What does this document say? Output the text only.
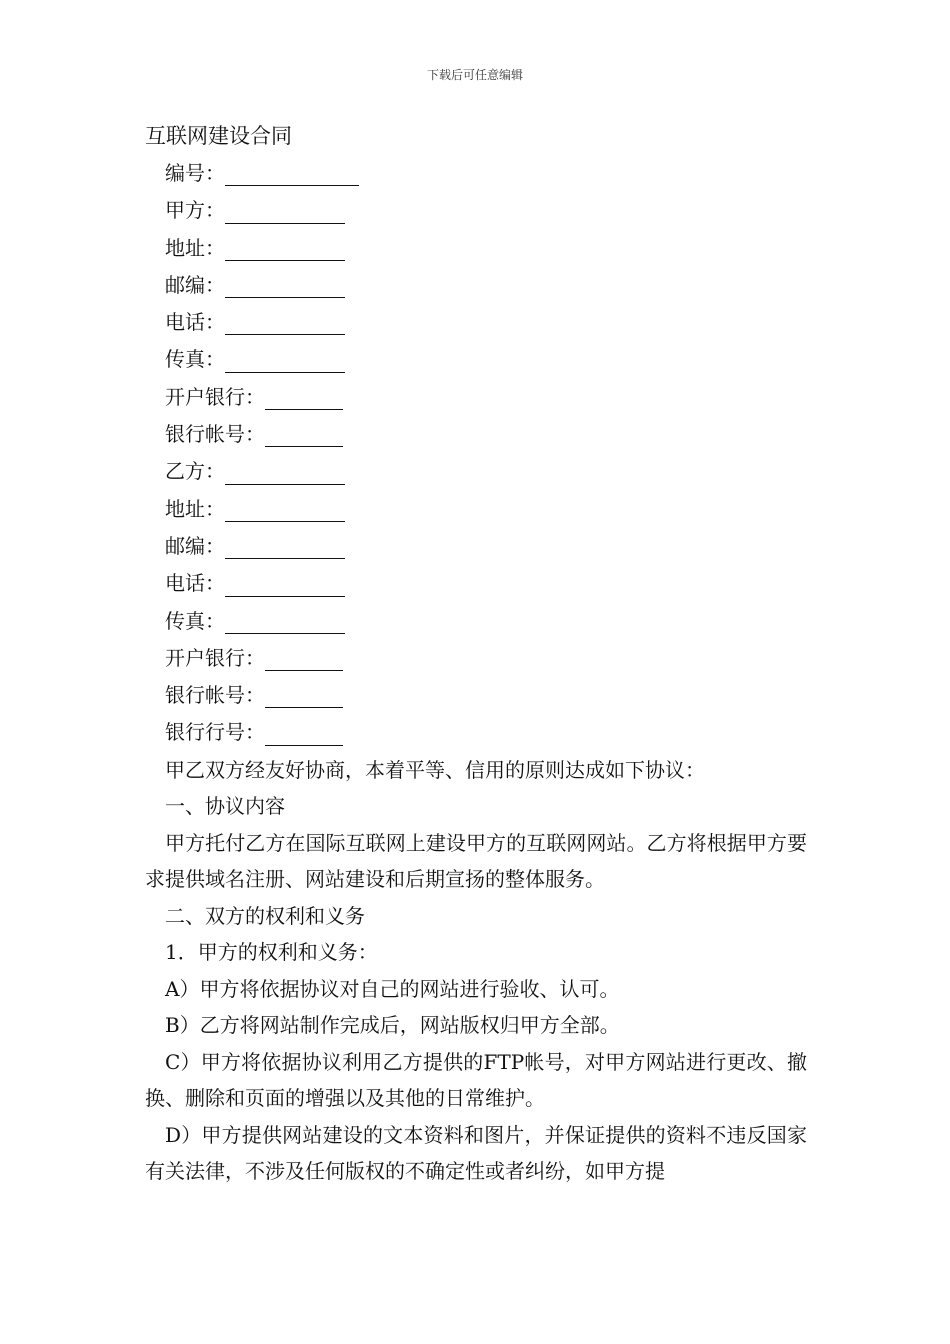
下载后可任意编辑
互联网建设合同
编号：
甲方：
地址：
邮编：
电话：
传真：
开户银行：
银行帐号：
乙方：
地址：
邮编：
电话：
传真：
开户银行：
银行帐号：
银行行号：

甲乙双方经友好协商，本着平等、信用的原则达成如下协议：

一、协议内容

甲方托付乙方在国际互联网上建设甲方的互联网网站。乙方将根据甲方要求提供域名注册、网站建设和后期宣扬的整体服务。

二、双方的权利和义务

1．甲方的权利和义务：

A）甲方将依据协议对自己的网站进行验收、认可。

B）乙方将网站制作完成后，网站版权归甲方全部。

C）甲方将依据协议利用乙方提供的FTP帐号，对甲方网站进行更改、撤换、删除和页面的增强以及其他的日常维护。

D）甲方提供网站建设的文本资料和图片，并保证提供的资料不违反国家有关法律，不涉及任何版权的不确定性或者纠纷，如甲方提
